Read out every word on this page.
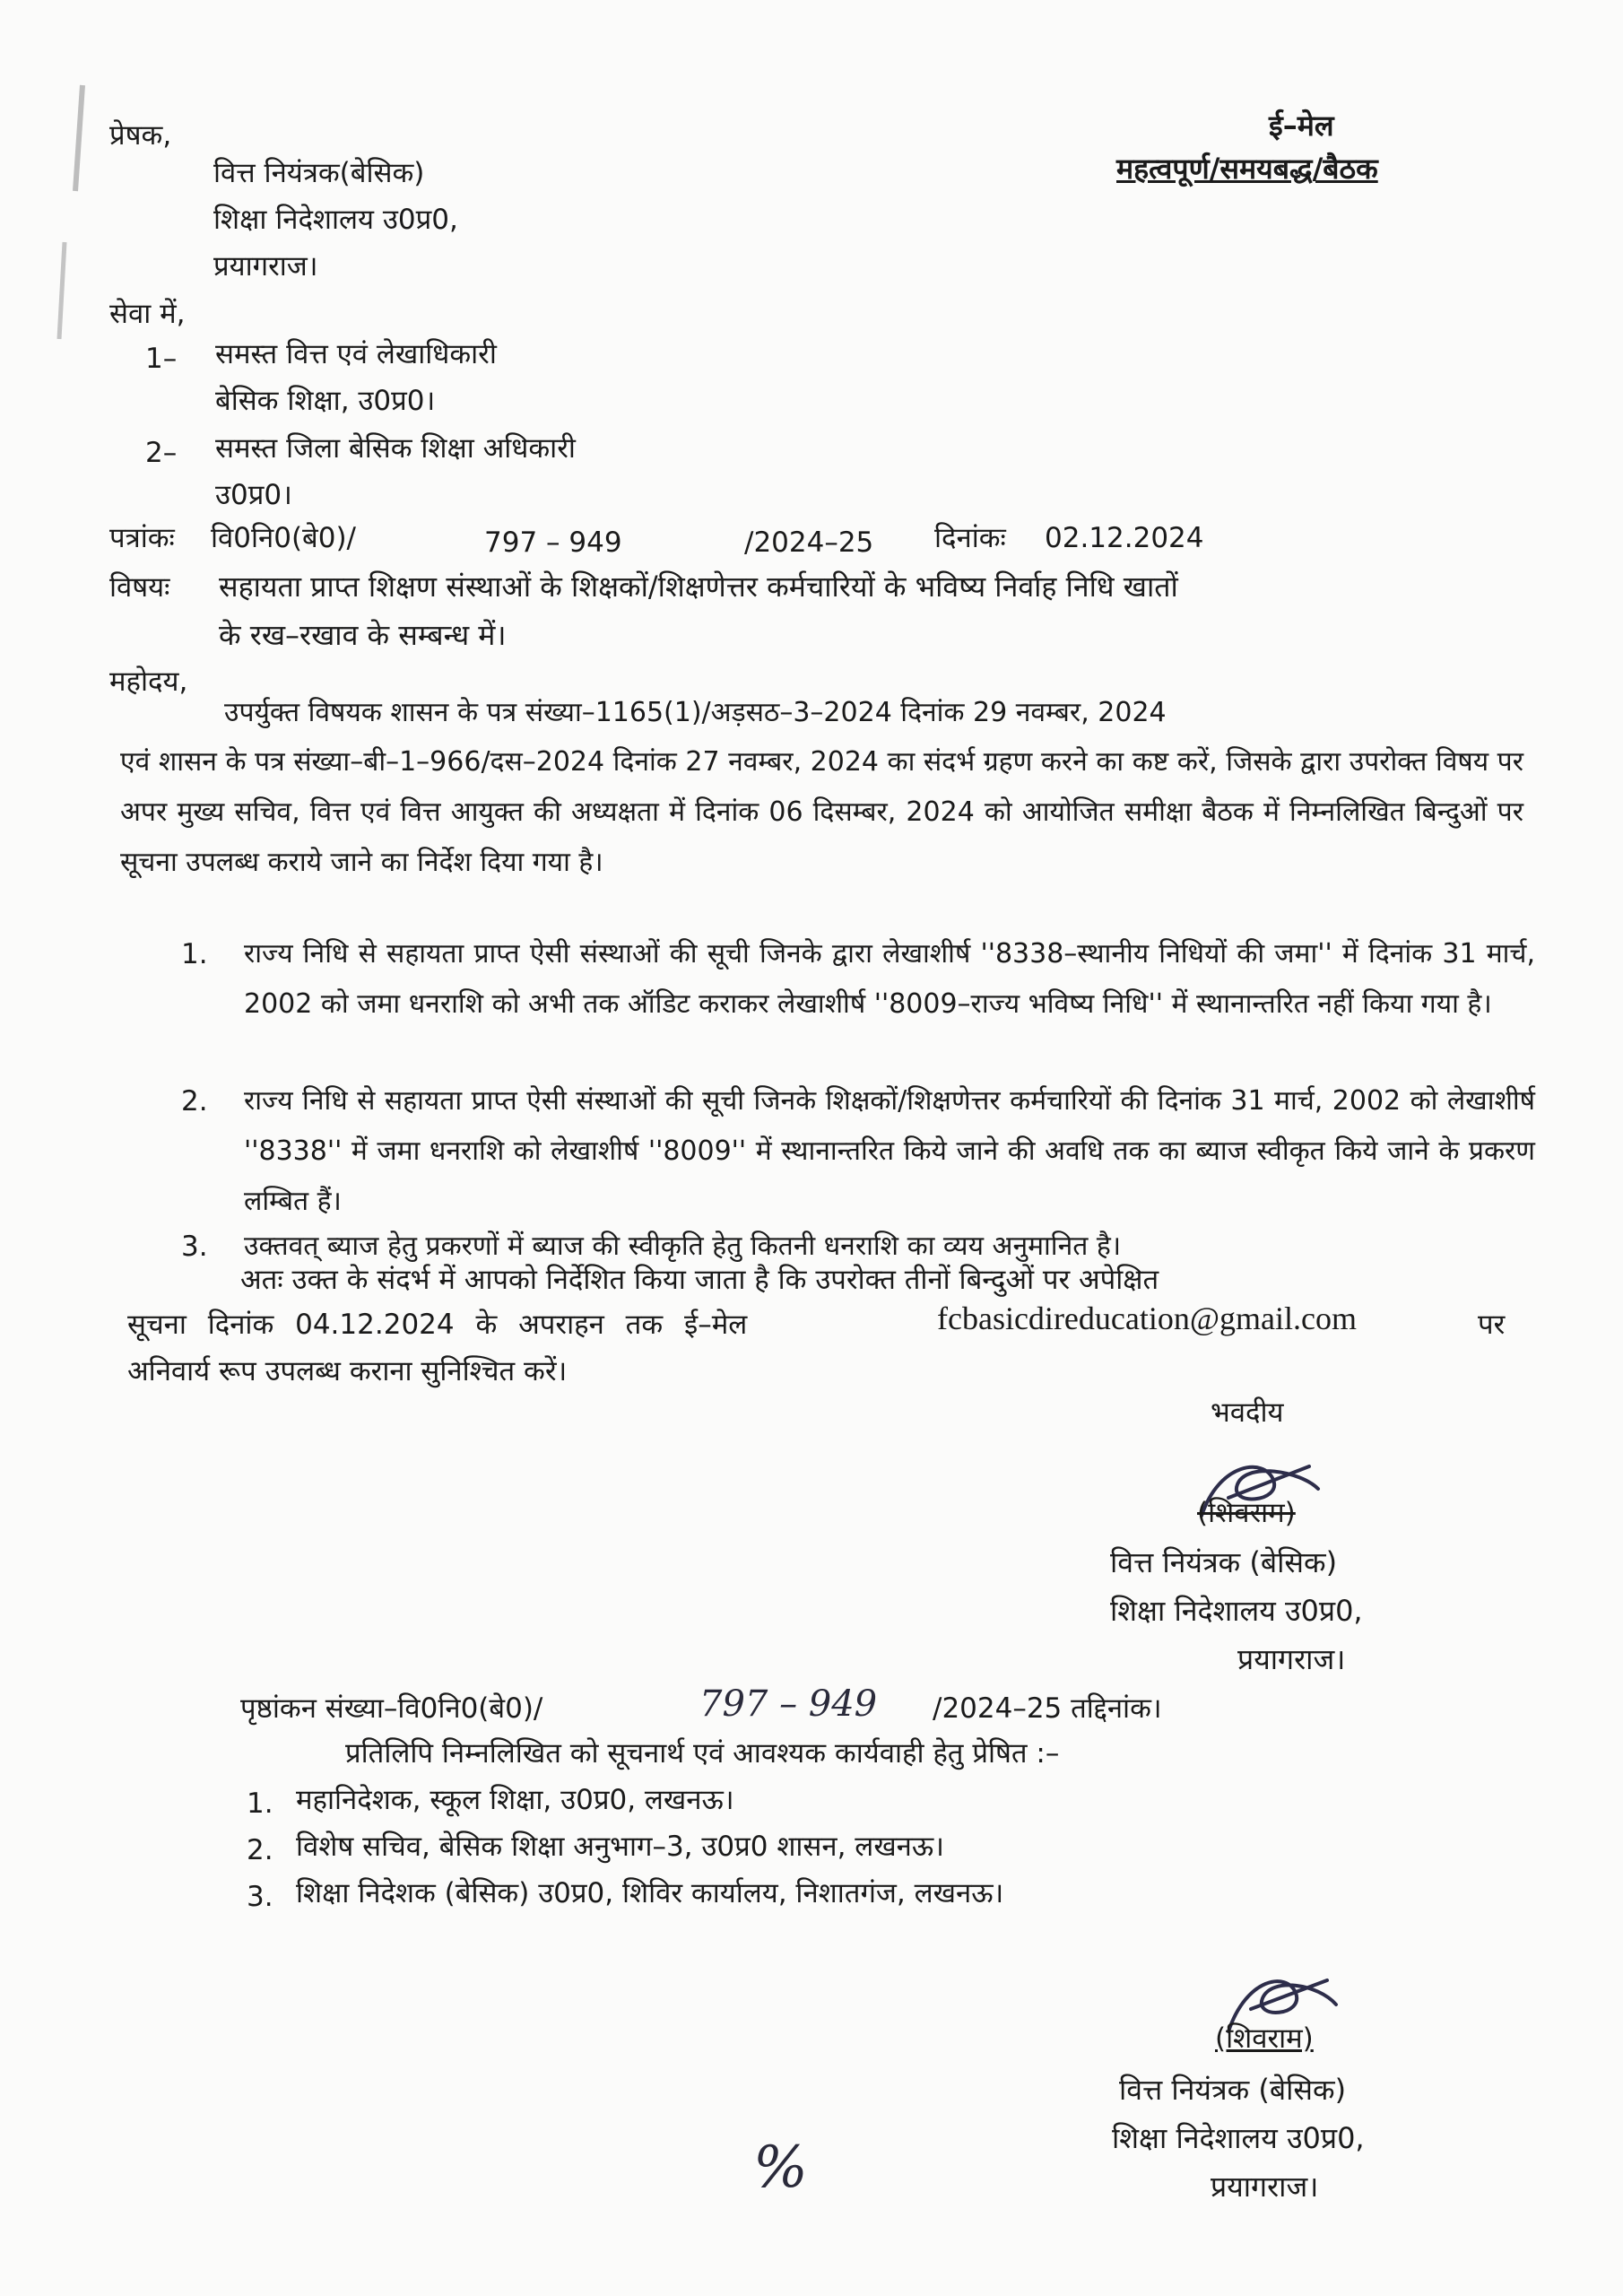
प्रेषक,
वित्त नियंत्रक(बेसिक)
शिक्षा निदेशालय उ0प्र0,
प्रयागराज।
ई–मेल
महत्वपूर्ण/समयबद्ध/बैठक
सेवा में,
1– समस्त वित्त एवं लेखाधिकारी
बेसिक शिक्षा, उ0प्र0।
2– समस्त जिला बेसिक शिक्षा अधिकारी
उ0प्र0।
पत्रांकः वि0नि0(बे0)/	797 – 949	/2024–25 दिनांकः 02.12.2024
विषयः सहायता प्राप्त शिक्षण संस्थाओं के शिक्षकों/शिक्षणेत्तर कर्मचारियों के भविष्य निर्वाह निधि खातों
के रख–रखाव के सम्बन्ध में।
महोदय,
उपर्युक्त विषयक शासन के पत्र संख्या–1165(1)/अड़सठ–3–2024 दिनांक 29 नवम्बर, 2024
एवं शासन के पत्र संख्या–बी–1–966/दस–2024 दिनांक 27 नवम्बर, 2024 का संदर्भ ग्रहण करने का कष्ट करें, जिसके द्वारा उपरोक्त विषय पर अपर मुख्य सचिव, वित्त एवं वित्त आयुक्त की अध्यक्षता में दिनांक 06 दिसम्बर, 2024 को आयोजित समीक्षा बैठक में निम्नलिखित बिन्दुओं पर सूचना उपलब्ध कराये जाने का निर्देश दिया गया है।
1. राज्य निधि से सहायता प्राप्त ऐसी संस्थाओं की सूची जिनके द्वारा लेखाशीर्ष ''8338–स्थानीय निधियों की जमा'' में दिनांक 31 मार्च, 2002 को जमा धनराशि को अभी तक ऑडिट कराकर लेखाशीर्ष ''8009–राज्य भविष्य निधि'' में स्थानान्तरित नहीं किया गया है।
2. राज्य निधि से सहायता प्राप्त ऐसी संस्थाओं की सूची जिनके शिक्षकों/शिक्षणेत्तर कर्मचारियों की दिनांक 31 मार्च, 2002 को लेखाशीर्ष ''8338'' में जमा धनराशि को लेखाशीर्ष ''8009'' में स्थानान्तरित किये जाने की अवधि तक का ब्याज स्वीकृत किये जाने के प्रकरण लम्बित हैं।
3. उक्तवत् ब्याज हेतु प्रकरणों में ब्याज की स्वीकृति हेतु कितनी धनराशि का व्यय अनुमानित है।
अतः उक्त के संदर्भ में आपको निर्देशित किया जाता है कि उपरोक्त तीनों बिन्दुओं पर अपेक्षित
सूचना दिनांक 04.12.2024 के अपराहन तक ई–मेल	fcbasicdireducation@gmail.com	पर
अनिवार्य रूप उपलब्ध कराना सुनिश्चित करें।
भवदीय
(शिवराम)
वित्त नियंत्रक (बेसिक)
शिक्षा निदेशालय उ0प्र0,
प्रयागराज।
पृष्ठांकन संख्या–वि0नि0(बे0)/	797 – 949 /2024–25 तद्दिनांक।
प्रतिलिपि निम्नलिखित को सूचनार्थ एवं आवश्यक कार्यवाही हेतु प्रेषित :–
1. महानिदेशक, स्कूल शिक्षा, उ0प्र0, लखनऊ।
2. विशेष सचिव, बेसिक शिक्षा अनुभाग–3, उ0प्र0 शासन, लखनऊ।
3. शिक्षा निदेशक (बेसिक) उ0प्र0, शिविर कार्यालय, निशातगंज, लखनऊ।
(शिवराम)
वित्त नियंत्रक (बेसिक)
शिक्षा निदेशालय उ0प्र0,
प्रयागराज।
%
